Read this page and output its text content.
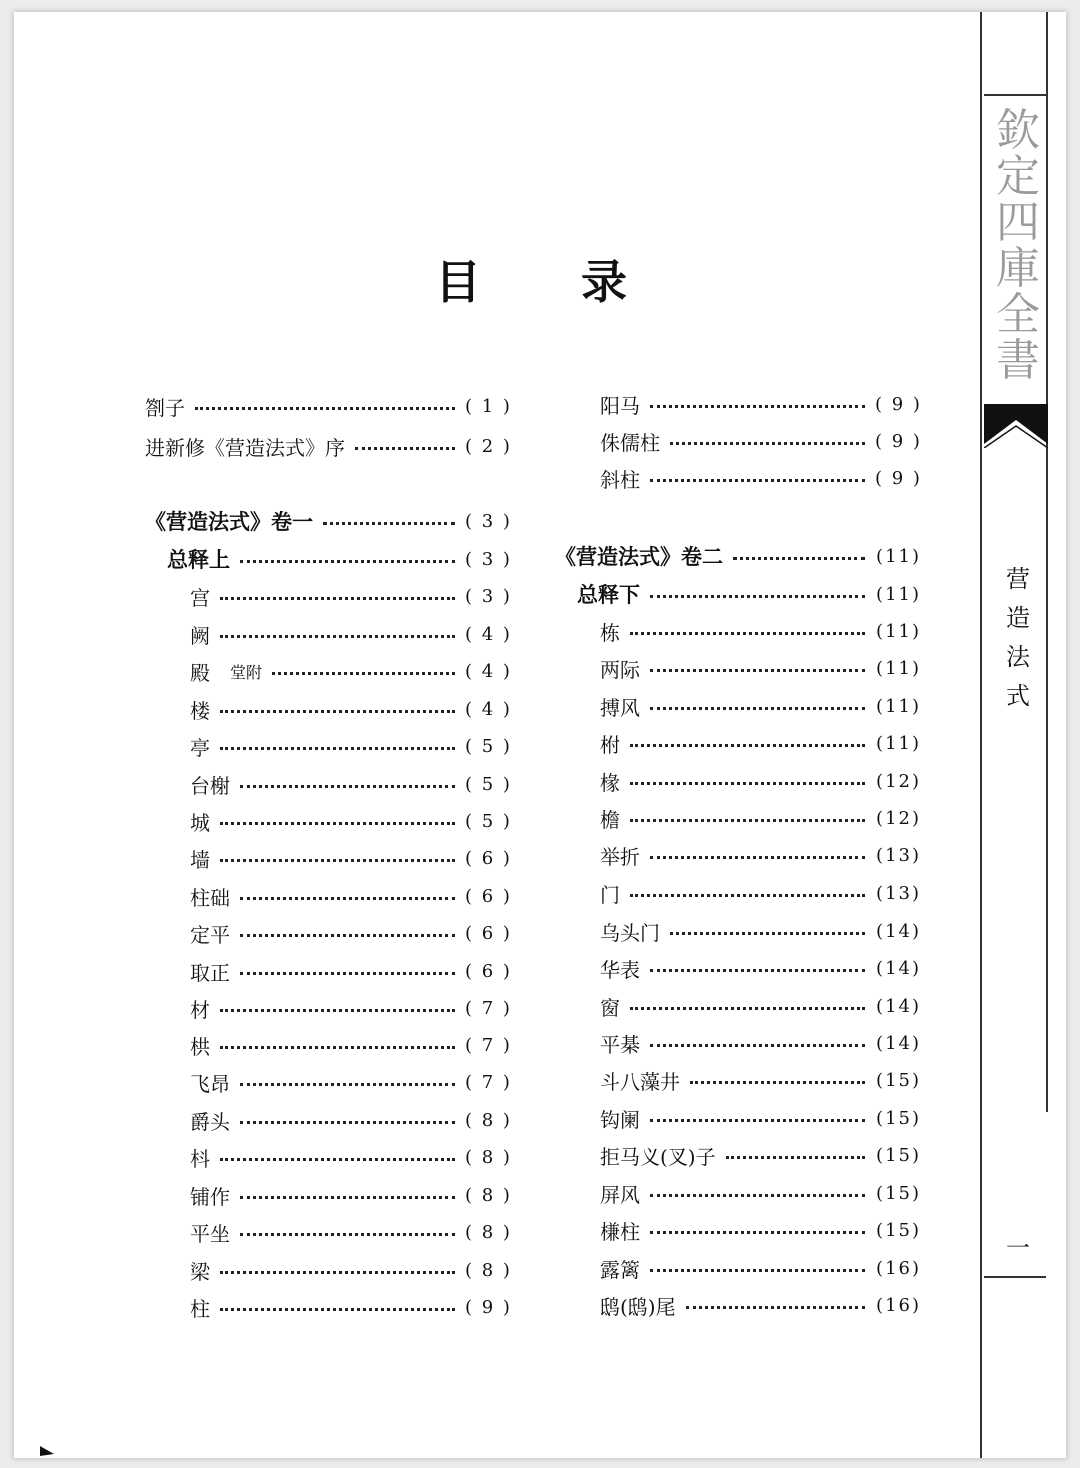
目 录
劄子	( 1 )
进新修《营造法式》序	( 2 )
《营造法式》卷一	( 3 )
总释上	( 3 )
宫	( 3 )
阙	( 4 )
殿 堂附	( 4 )
楼	( 4 )
亭	( 5 )
台榭	( 5 )
城	( 5 )
墙	( 6 )
柱础	( 6 )
定平	( 6 )
取正	( 6 )
材	( 7 )
栱	( 7 )
飞昂	( 7 )
爵头	( 8 )
枓	( 8 )
铺作	( 8 )
平坐	( 8 )
梁	( 8 )
柱	( 9 )
阳马	( 9 )
侏儒柱	( 9 )
斜柱	( 9 )
《营造法式》卷二	(11)
总释下	(11)
栋	(11)
两际	(11)
搏风	(11)
柎	(11)
椽	(12)
檐	(12)
举折	(13)
门	(13)
乌头门	(14)
华表	(14)
窗	(14)
平棊	(14)
斗八藻井	(15)
钩阑	(15)
拒马义(叉)子	(15)
屏风	(15)
槏柱	(15)
露篱	(16)
鸱(鸱)尾	(16)
欽
定
四
庫
全
書
营
造
法
式
一
